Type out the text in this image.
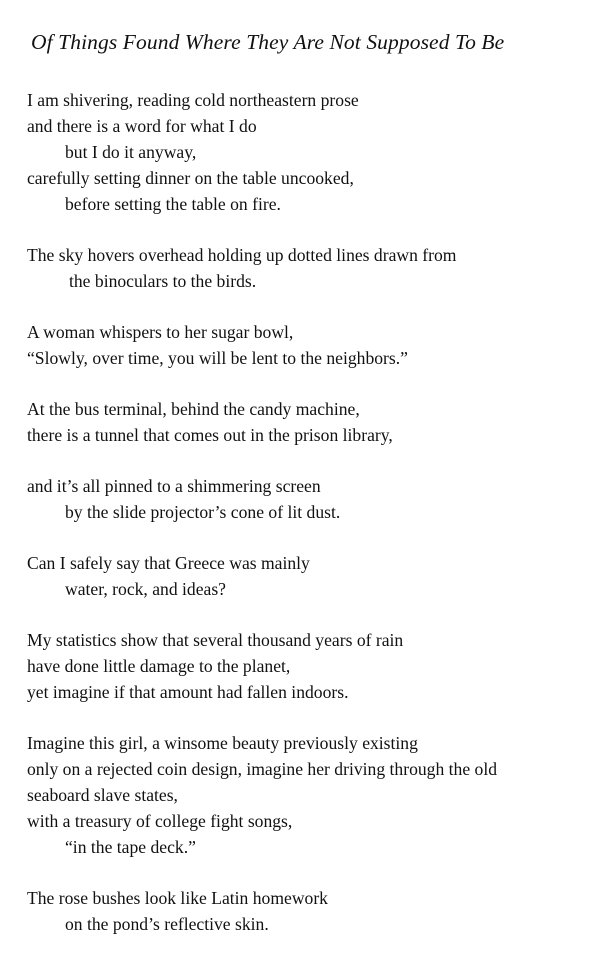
Of Things Found Where They Are Not Supposed To Be
I am shivering, reading cold northeastern prose
and there is a word for what I do
but I do it anyway,
carefully setting dinner on the table uncooked,
before setting the table on fire.
The sky hovers overhead holding up dotted lines drawn from
the binoculars to the birds.
A woman whispers to her sugar bowl,
“Slowly, over time, you will be lent to the neighbors.”
At the bus terminal, behind the candy machine,
there is a tunnel that comes out in the prison library,
and it’s all pinned to a shimmering screen
by the slide projector’s cone of lit dust.
Can I safely say that Greece was mainly
water, rock, and ideas?
My statistics show that several thousand years of rain
have done little damage to the planet,
yet imagine if that amount had fallen indoors.
Imagine this girl, a winsome beauty previously existing
only on a rejected coin design, imagine her driving through the old
seaboard slave states,
with a treasury of college fight songs,
“in the tape deck.”
The rose bushes look like Latin homework
on the pond’s reflective skin.
